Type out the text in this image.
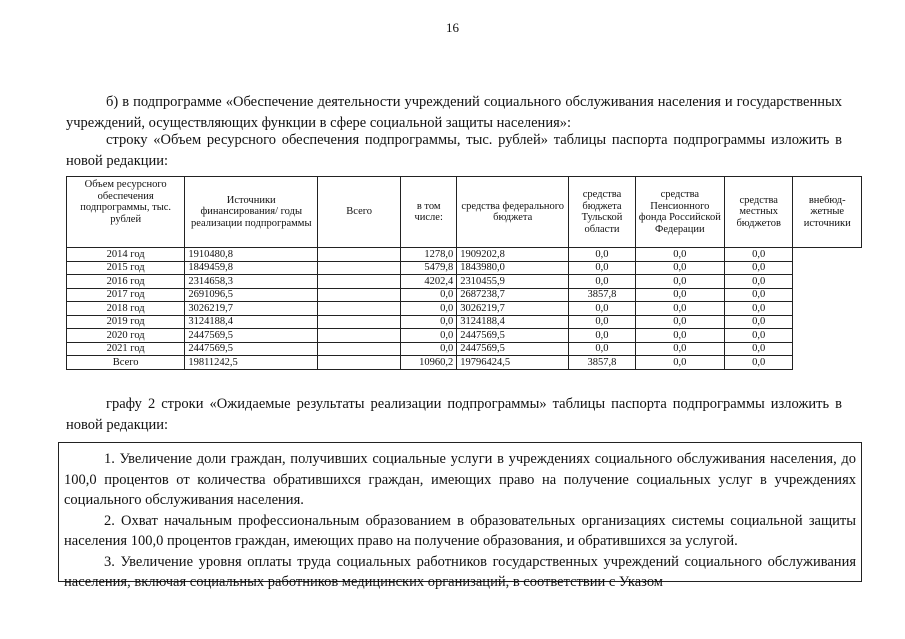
16
б) в подпрограмме «Обеспечение деятельности учреждений социального обслуживания населения и государственных учреждений, осуществляющих функции в сфере социальной защиты населения»:
строку «Объем ресурсного обеспечения подпрограммы, тыс. рублей» таблицы паспорта подпрограммы изложить в новой редакции:
Объем ресурсного обеспечения подпрограммы, тыс. рублей	Источники финансирования/ годы реализации подпрограммы	Всего	в том числе:	средства федерального бюджета	средства бюджета Тульской области	средства Пенсионного фонда Российской Федерации	средства местных бюджетов	внебюд-жетные источники
2014 год	1910480,8		1278,0	1909202,8	0,0	0,0	0,0	
2015 год	1849459,8		5479,8	1843980,0	0,0	0,0	0,0	
2016 год	2314658,3		4202,4	2310455,9	0,0	0,0	0,0	
2017 год	2691096,5		0,0	2687238,7	3857,8	0,0	0,0	
2018 год	3026219,7		0,0	3026219,7	0,0	0,0	0,0	
2019 год	3124188,4		0,0	3124188,4	0,0	0,0	0,0	
2020 год	2447569,5		0,0	2447569,5	0,0	0,0	0,0	
2021 год	2447569,5		0,0	2447569,5	0,0	0,0	0,0	
Всего	19811242,5		10960,2	19796424,5	3857,8	0,0	0,0	
графу 2 строки «Ожидаемые результаты реализации подпрограммы» таблицы паспорта подпрограммы изложить в новой редакции:

1. Увеличение доли граждан, получивших социальные услуги в учреждениях социального обслуживания населения, до 100,0 процентов от количества обратившихся граждан, имеющих право на получение социальных услуг в учреждениях социального обслуживания населения.

2. Охват начальным профессиональным образованием в образовательных организациях системы социальной защиты населения 100,0 процентов граждан, имеющих право на получение образования, и обратившихся за услугой.

3. Увеличение уровня оплаты труда социальных работников государственных учреждений социального обслуживания населения, включая социальных работников медицинских организаций, в соответствии с Указом
